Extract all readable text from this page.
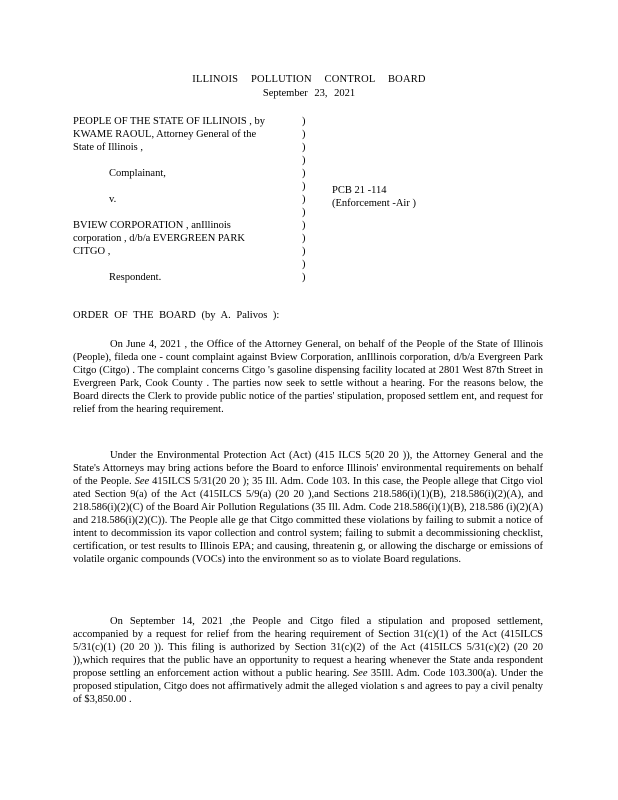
ILLINOIS POLLUTION CONTROL BOARD
September 23, 2021
PEOPLE OF THE STATE OF ILLINOIS , by
KWAME RAOUL, Attorney General of the
State of Illinois ,
Complainant,
v.
BVIEW CORPORATION , anIllinois
corporation , d/b/a EVERGREEN PARK
CITGO ,
Respondent.
)
)
)
)
)
)
)
)
)
)
)
)
)
PCB 21 -114
(Enforcement -Air )
ORDER OF THE BOARD (by A. Palivos ):

On June 4, 2021 , the Office of the Attorney General, on behalf of the People of the State of Illinois (People), fileda one - count complaint against Bview Corporation, anIllinois corporation, d/b/a Evergreen Park Citgo (Citgo) . The complaint concerns Citgo 's gasoline dispensing facility located at 2801 West 87th Street in Evergreen Park, Cook County . The parties now seek to settle without a hearing. For the reasons below, the Board directs the Clerk to provide public notice of the parties' stipulation, proposed settlem ent, and request for relief from the hearing requirement.

Under the Environmental Protection Act (Act) (415 ILCS 5(20 20 )), the Attorney General and the State's Attorneys may bring actions before the Board to enforce Illinois' environmental requirements on behalf of the People. See 415ILCS 5/31(20 20 ); 35 Ill. Adm. Code 103. In this case, the People allege that Citgo viol ated Section 9(a) of the Act (415ILCS 5/9(a) (20 20 ),and Sections 218.586(i)(1)(B), 218.586(i)(2)(A), and 218.586(i)(2)(C) of the Board Air Pollution Regulations (35 Ill. Adm. Code 218.586(i)(1)(B), 218.586 (i)(2)(A) and 218.586(i)(2)(C)). The People alle ge that Citgo committed these violations by failing to submit a notice of intent to decommission its vapor collection and control system; failing to submit a decommissioning checklist, certification, or test results to Illinois EPA; and causing, threatenin g, or allowing the discharge or emissions of volatile organic compounds (VOCs) into the environment so as to violate Board regulations.

On September 14, 2021 ,the People and Citgo filed a stipulation and proposed settlement, accompanied by a request for relief from the hearing requirement of Section 31(c)(1) of the Act (415ILCS 5/31(c)(1) (20 20 )). This filing is authorized by Section 31(c)(2) of the Act (415ILCS 5/31(c)(2) (20 20 )),which requires that the public have an opportunity to request a hearing whenever the State anda respondent propose settling an enforcement action without a public hearing. See 35Ill. Adm. Code 103.300(a). Under the proposed stipulation, Citgo does not affirmatively admit the alleged violation s and agrees to pay a civil penalty of $3,850.00 .
